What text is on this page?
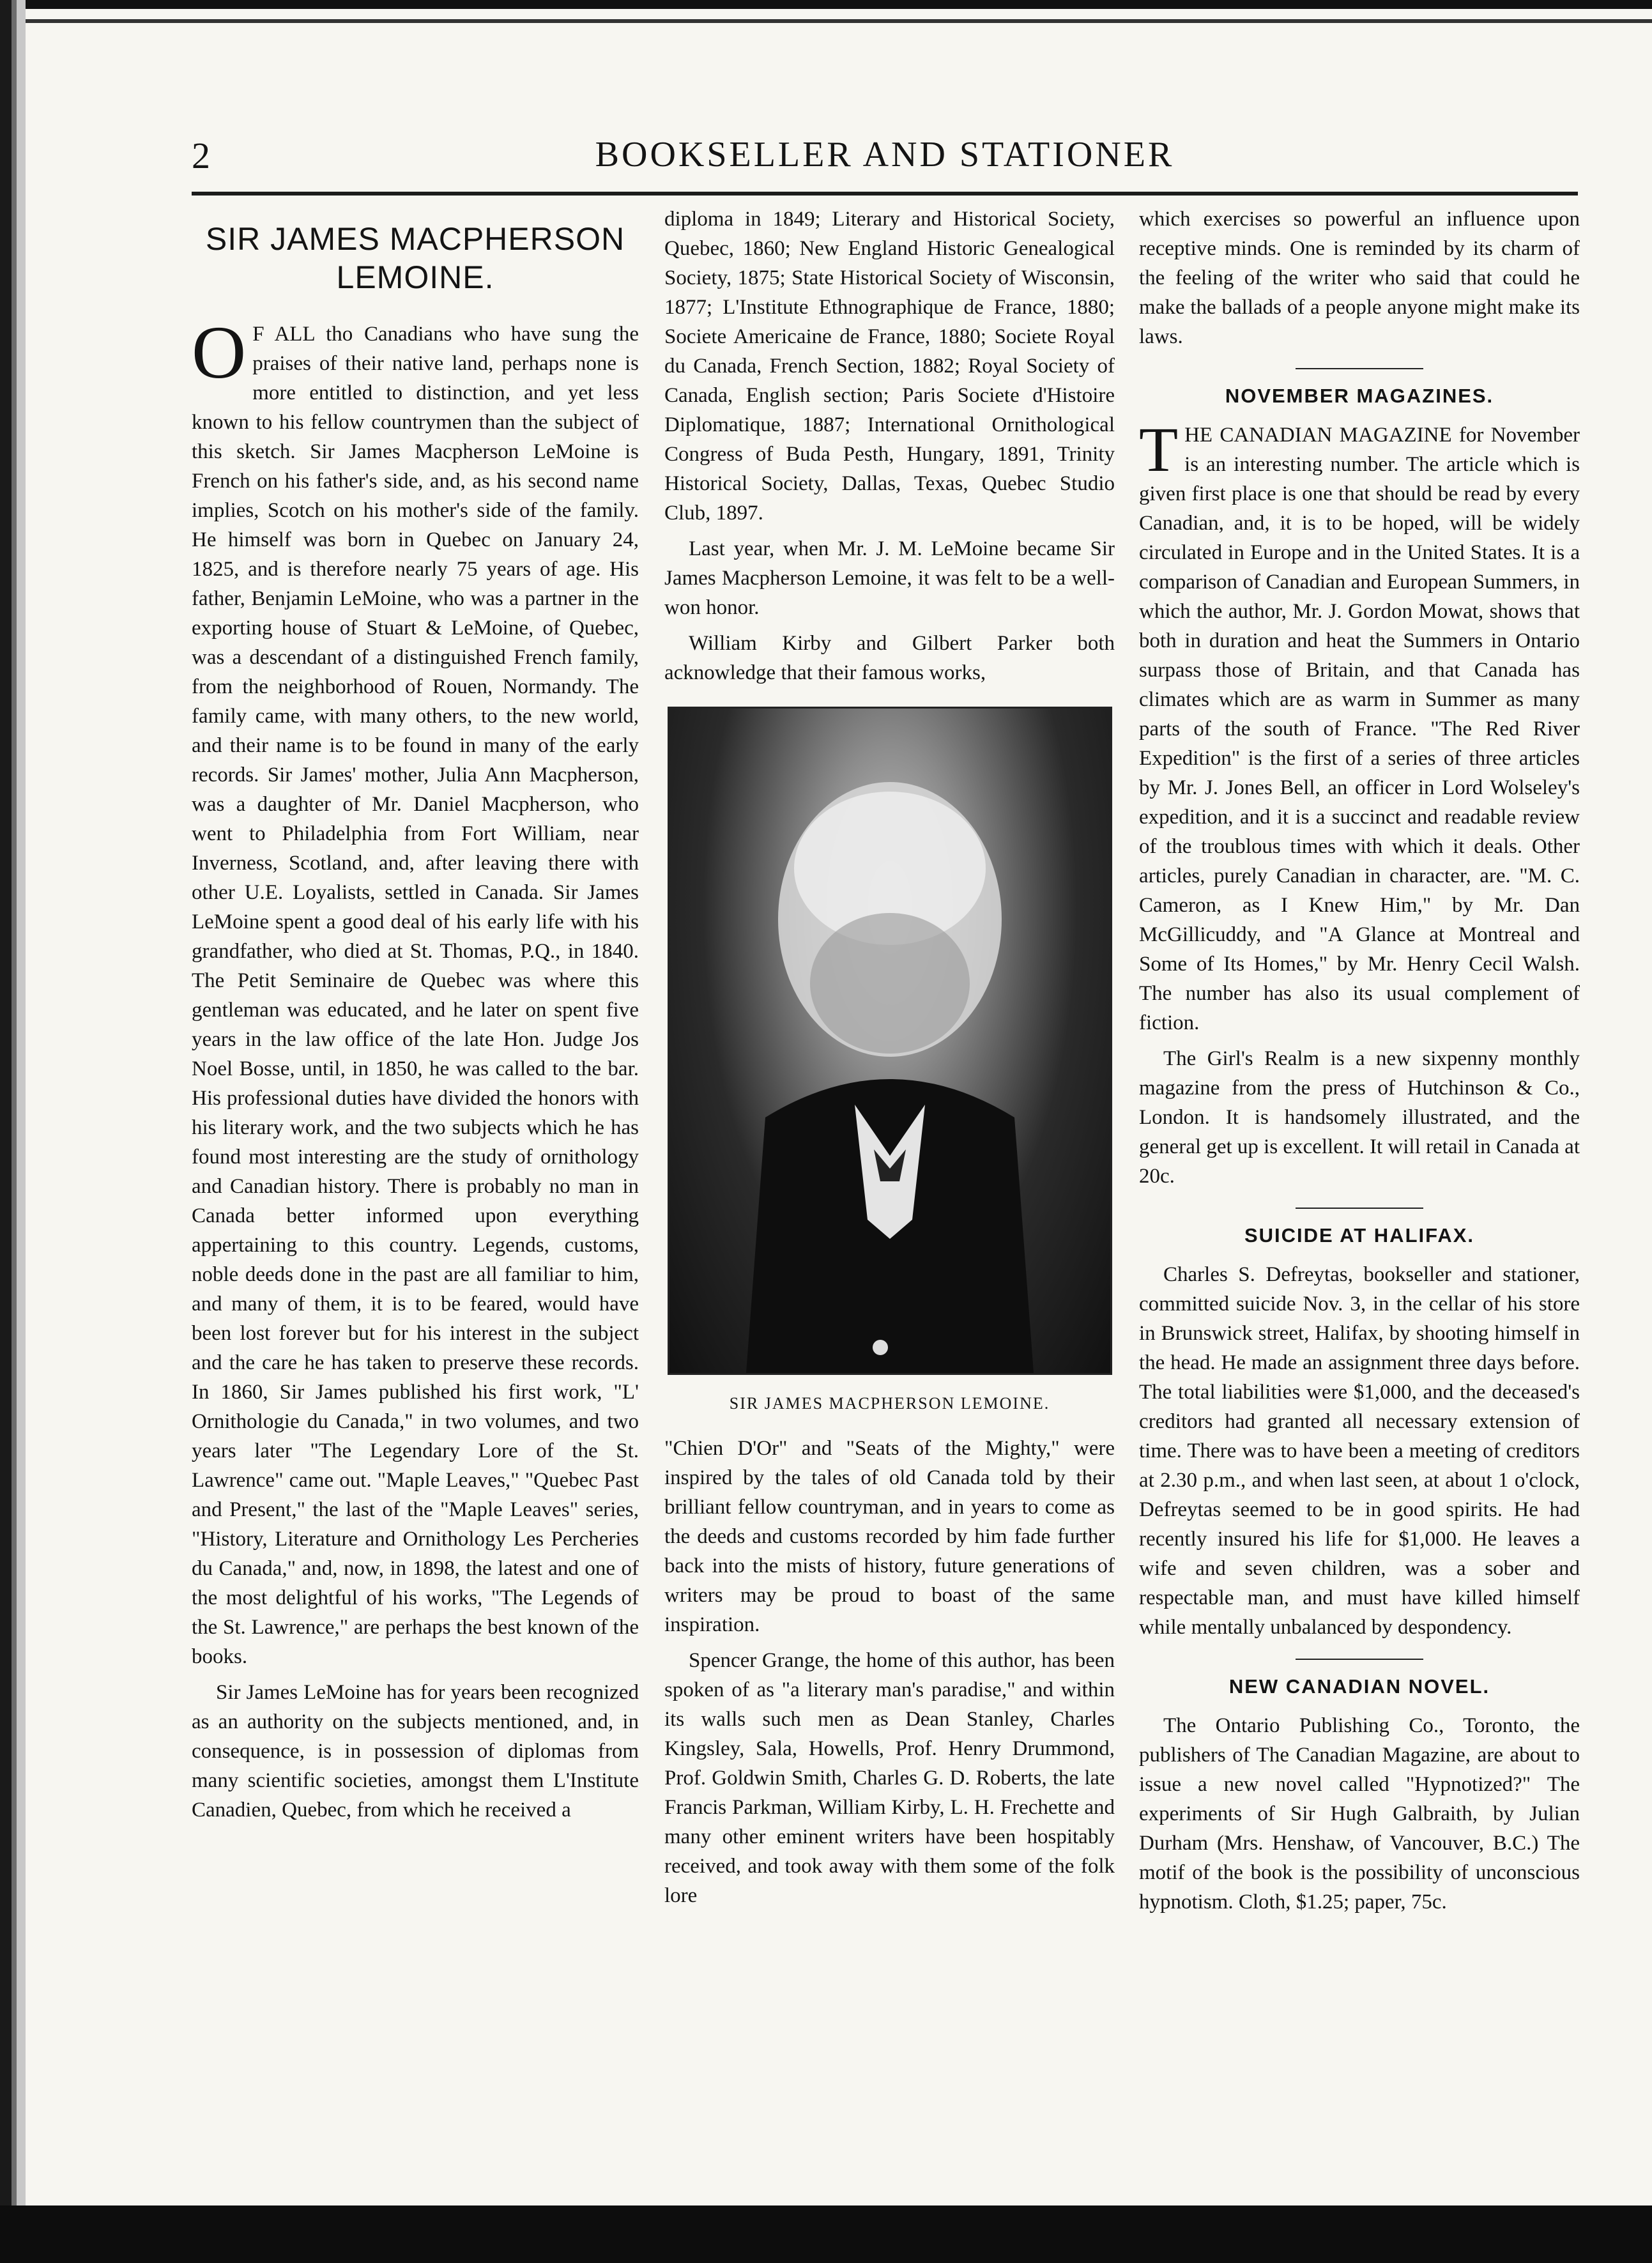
2	BOOKSELLER AND STATIONER
SIR JAMES MACPHERSON LEMOINE.

O F ALL tho Canadians who have sung the praises of their native land, perhaps none is more entitled to distinction, and yet less known to his fellow countrymen than the subject of this sketch. Sir James Macpherson LeMoine is French on his father's side, and, as his second name implies, Scotch on his mother's side of the family. He himself was born in Quebec on January 24, 1825, and is therefore nearly 75 years of age. His father, Benjamin LeMoine, who was a partner in the exporting house of Stuart & LeMoine, of Quebec, was a descendant of a distinguished French family, from the neighborhood of Rouen, Normandy. The family came, with many others, to the new world, and their name is to be found in many of the early records. Sir James' mother, Julia Ann Macpherson, was a daughter of Mr. Daniel Macpherson, who went to Philadelphia from Fort William, near Inverness, Scotland, and, after leaving there with other U.E. Loyalists, settled in Canada. Sir James LeMoine spent a good deal of his early life with his grandfather, who died at St. Thomas, P.Q., in 1840. The Petit Seminaire de Quebec was where this gentleman was educated, and he later on spent five years in the law office of the late Hon. Judge Jos Noel Bosse, until, in 1850, he was called to the bar. His professional duties have divided the honors with his literary work, and the two subjects which he has found most interesting are the study of ornithology and Canadian history. There is probably no man in Canada better informed upon everything appertaining to this country. Legends, customs, noble deeds done in the past are all familiar to him, and many of them, it is to be feared, would have been lost forever but for his interest in the subject and the care he has taken to preserve these records. In 1860, Sir James published his first work, "L' Ornithologie du Canada," in two volumes, and two years later "The Legendary Lore of the St. Lawrence" came out. "Maple Leaves," "Quebec Past and Present," the last of the "Maple Leaves" series, "History, Literature and Ornithology Les Percheries du Canada," and, now, in 1898, the latest and one of the most delightful of his works, "The Legends of the St. Lawrence," are perhaps the best known of the books.

Sir James LeMoine has for years been recognized as an authority on the subjects mentioned, and, in consequence, is in possession of diplomas from many scientific societies, amongst them L'Institute Canadien, Quebec, from which he received a

diploma in 1849; Literary and Historical Society, Quebec, 1860; New England Historic Genealogical Society, 1875; State Historical Society of Wisconsin, 1877; L'Institute Ethnographique de France, 1880; Societe Americaine de France, 1880; Societe Royal du Canada, French Section, 1882; Royal Society of Canada, English section; Paris Societe d'Histoire Diplomatique, 1887; International Ornithological Congress of Buda Pesth, Hungary, 1891, Trinity Historical Society, Dallas, Texas, Quebec Studio Club, 1897.

Last year, when Mr. J. M. LeMoine became Sir James Macpherson Lemoine, it was felt to be a well-won honor.

William Kirby and Gilbert Parker both acknowledge that their famous works,

SIR JAMES MACPHERSON LEMOINE.

"Chien D'Or" and "Seats of the Mighty," were inspired by the tales of old Canada told by their brilliant fellow countryman, and in years to come as the deeds and customs recorded by him fade further back into the mists of history, future generations of writers may be proud to boast of the same inspiration.

Spencer Grange, the home of this author, has been spoken of as "a literary man's paradise," and within its walls such men as Dean Stanley, Charles Kingsley, Sala, Howells, Prof. Henry Drummond, Prof. Goldwin Smith, Charles G. D. Roberts, the late Francis Parkman, William Kirby, L. H. Frechette and many other eminent writers have been hospitably received, and took away with them some of the folk lore

which exercises so powerful an influence upon receptive minds. One is reminded by its charm of the feeling of the writer who said that could he make the ballads of a people anyone might make its laws.

NOVEMBER MAGAZINES.

THE CANADIAN MAGAZINE for November is an interesting number. The article which is given first place is one that should be read by every Canadian, and, it is to be hoped, will be widely circulated in Europe and in the United States. It is a comparison of Canadian and European Summers, in which the author, Mr. J. Gordon Mowat, shows that both in duration and heat the Summers in Ontario surpass those of Britain, and that Canada has climates which are as warm in Summer as many parts of the south of France. "The Red River Expedition" is the first of a series of three articles by Mr. J. Jones Bell, an officer in Lord Wolseley's expedition, and it is a succinct and readable review of the troublous times with which it deals. Other articles, purely Canadian in character, are. "M. C. Cameron, as I Knew Him," by Mr. Dan McGillicuddy, and "A Glance at Montreal and Some of Its Homes," by Mr. Henry Cecil Walsh. The number has also its usual complement of fiction.

The Girl's Realm is a new sixpenny monthly magazine from the press of Hutchinson & Co., London. It is handsomely illustrated, and the general get up is excellent. It will retail in Canada at 20c.

SUICIDE AT HALIFAX.

Charles S. Defreytas, bookseller and stationer, committed suicide Nov. 3, in the cellar of his store in Brunswick street, Halifax, by shooting himself in the head. He made an assignment three days before. The total liabilities were $1,000, and the deceased's creditors had granted all necessary extension of time. There was to have been a meeting of creditors at 2.30 p.m., and when last seen, at about 1 o'clock, Defreytas seemed to be in good spirits. He had recently insured his life for $1,000. He leaves a wife and seven children, was a sober and respectable man, and must have killed himself while mentally unbalanced by despondency.

NEW CANADIAN NOVEL.

The Ontario Publishing Co., Toronto, the publishers of The Canadian Magazine, are about to issue a new novel called "Hypnotized?" The experiments of Sir Hugh Galbraith, by Julian Durham (Mrs. Henshaw, of Vancouver, B.C.) The motif of the book is the possibility of unconscious hypnotism. Cloth, $1.25; paper, 75c.
